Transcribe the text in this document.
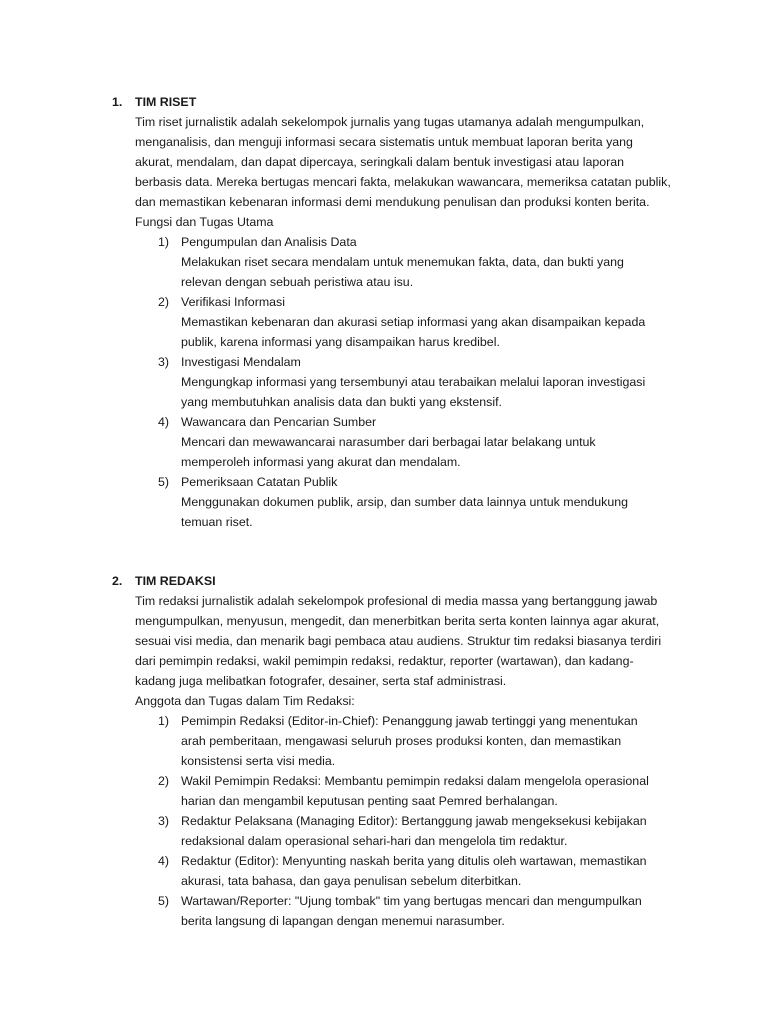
1. TIM RISET
Tim riset jurnalistik adalah sekelompok jurnalis yang tugas utamanya adalah mengumpulkan, menganalisis, dan menguji informasi secara sistematis untuk membuat laporan berita yang akurat, mendalam, dan dapat dipercaya, seringkali dalam bentuk investigasi atau laporan berbasis data. Mereka bertugas mencari fakta, melakukan wawancara, memeriksa catatan publik, dan memastikan kebenaran informasi demi mendukung penulisan dan produksi konten berita.
Fungsi dan Tugas Utama
1) Pengumpulan dan Analisis Data
Melakukan riset secara mendalam untuk menemukan fakta, data, dan bukti yang relevan dengan sebuah peristiwa atau isu.
2) Verifikasi Informasi
Memastikan kebenaran dan akurasi setiap informasi yang akan disampaikan kepada publik, karena informasi yang disampaikan harus kredibel.
3) Investigasi Mendalam
Mengungkap informasi yang tersembunyi atau terabaikan melalui laporan investigasi yang membutuhkan analisis data dan bukti yang ekstensif.
4) Wawancara dan Pencarian Sumber
Mencari dan mewawancarai narasumber dari berbagai latar belakang untuk memperoleh informasi yang akurat dan mendalam.
5) Pemeriksaan Catatan Publik
Menggunakan dokumen publik, arsip, dan sumber data lainnya untuk mendukung temuan riset.
2. TIM REDAKSI
Tim redaksi jurnalistik adalah sekelompok profesional di media massa yang bertanggung jawab mengumpulkan, menyusun, mengedit, dan menerbitkan berita serta konten lainnya agar akurat, sesuai visi media, dan menarik bagi pembaca atau audiens. Struktur tim redaksi biasanya terdiri dari pemimpin redaksi, wakil pemimpin redaksi, redaktur, reporter (wartawan), dan kadang-kadang juga melibatkan fotografer, desainer, serta staf administrasi.
Anggota dan Tugas dalam Tim Redaksi:
1) Pemimpin Redaksi (Editor-in-Chief): Penanggung jawab tertinggi yang menentukan arah pemberitaan, mengawasi seluruh proses produksi konten, dan memastikan konsistensi serta visi media.
2) Wakil Pemimpin Redaksi: Membantu pemimpin redaksi dalam mengelola operasional harian dan mengambil keputusan penting saat Pemred berhalangan.
3) Redaktur Pelaksana (Managing Editor): Bertanggung jawab mengeksekusi kebijakan redaksional dalam operasional sehari-hari dan mengelola tim redaktur.
4) Redaktur (Editor): Menyunting naskah berita yang ditulis oleh wartawan, memastikan akurasi, tata bahasa, dan gaya penulisan sebelum diterbitkan.
5) Wartawan/Reporter: "Ujung tombak" tim yang bertugas mencari dan mengumpulkan berita langsung di lapangan dengan menemui narasumber.
